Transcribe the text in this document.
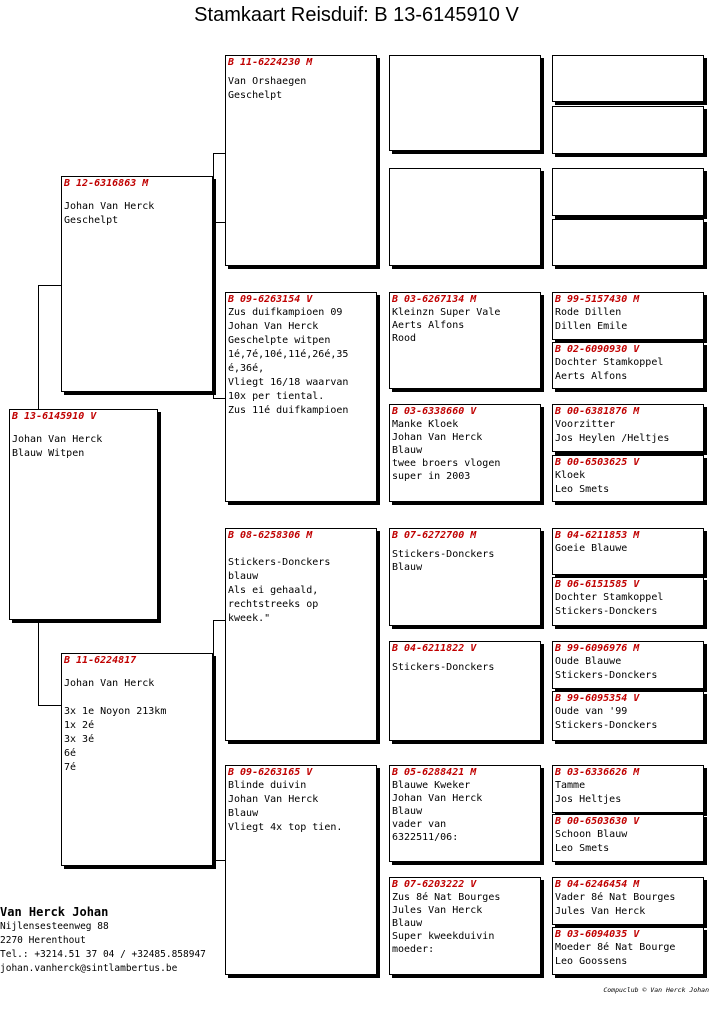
Stamkaart Reisduif: B 13-6145910 V
B 13-6145910 V
Johan Van Herck
Blauw Witpen
B 12-6316863 M
Johan Van Herck
Geschelpt
B 11-6224817
Johan Van Herck
3x 1e Noyon 213km
1x 2é
3x 3é
6é
7é
B 11-6224230 M
Van Orshaegen
Geschelpt
B 09-6263154 V
Zus duifkampioen 09
Johan Van Herck
Geschelpte witpen
1é,7é,10é,11é,26é,35
é,36é,
Vliegt 16/18 waarvan
10x per tiental.
Zus 11é duifkampioen
B 08-6258306 M
Stickers-Donckers
blauw
Als ei gehaald,
rechtstreeks op
kweek."
B 09-6263165 V
Blinde duivin
Johan Van Herck
Blauw
Vliegt 4x top tien.
B 03-6267134 M
Kleinzn Super Vale
Aerts Alfons
Rood
B 03-6338660 V
Manke Kloek
Johan Van Herck
Blauw
twee broers vlogen
super in 2003
B 07-6272700 M
Stickers-Donckers
Blauw
B 04-6211822 V
Stickers-Donckers
B 05-6288421 M
Blauwe Kweker
Johan Van Herck
Blauw
vader van
6322511/06:
B 07-6203222 V
Zus 8é Nat Bourges
Jules Van Herck
Blauw
Super kweekduivin
moeder:
B 99-5157430 M
Rode Dillen
Dillen Emile
B 02-6090930 V
Dochter Stamkoppel
Aerts Alfons
B 00-6381876 M
Voorzitter
Jos Heylen /Heltjes
B 00-6503625 V
Kloek
Leo Smets
B 04-6211853 M
Goeie Blauwe
B 06-6151585 V
Dochter Stamkoppel
Stickers-Donckers
B 99-6096976 M
Oude Blauwe
Stickers-Donckers
B 99-6095354 V
Oude van '99
Stickers-Donckers
B 03-6336626 M
Tamme
Jos Heltjes
B 00-6503630 V
Schoon Blauw
Leo Smets
B 04-6246454 M
Vader 8é Nat Bourges
Jules Van Herck
B 03-6094035 V
Moeder 8é Nat Bourge
Leo Goossens
Van Herck Johan
Nijlensesteenweg 88
2270 Herenthout
Tel.: +3214.51 37 04 / +32485.858947
johan.vanherck@sintlambertus.be
Compuclub © Van Herck Johan
